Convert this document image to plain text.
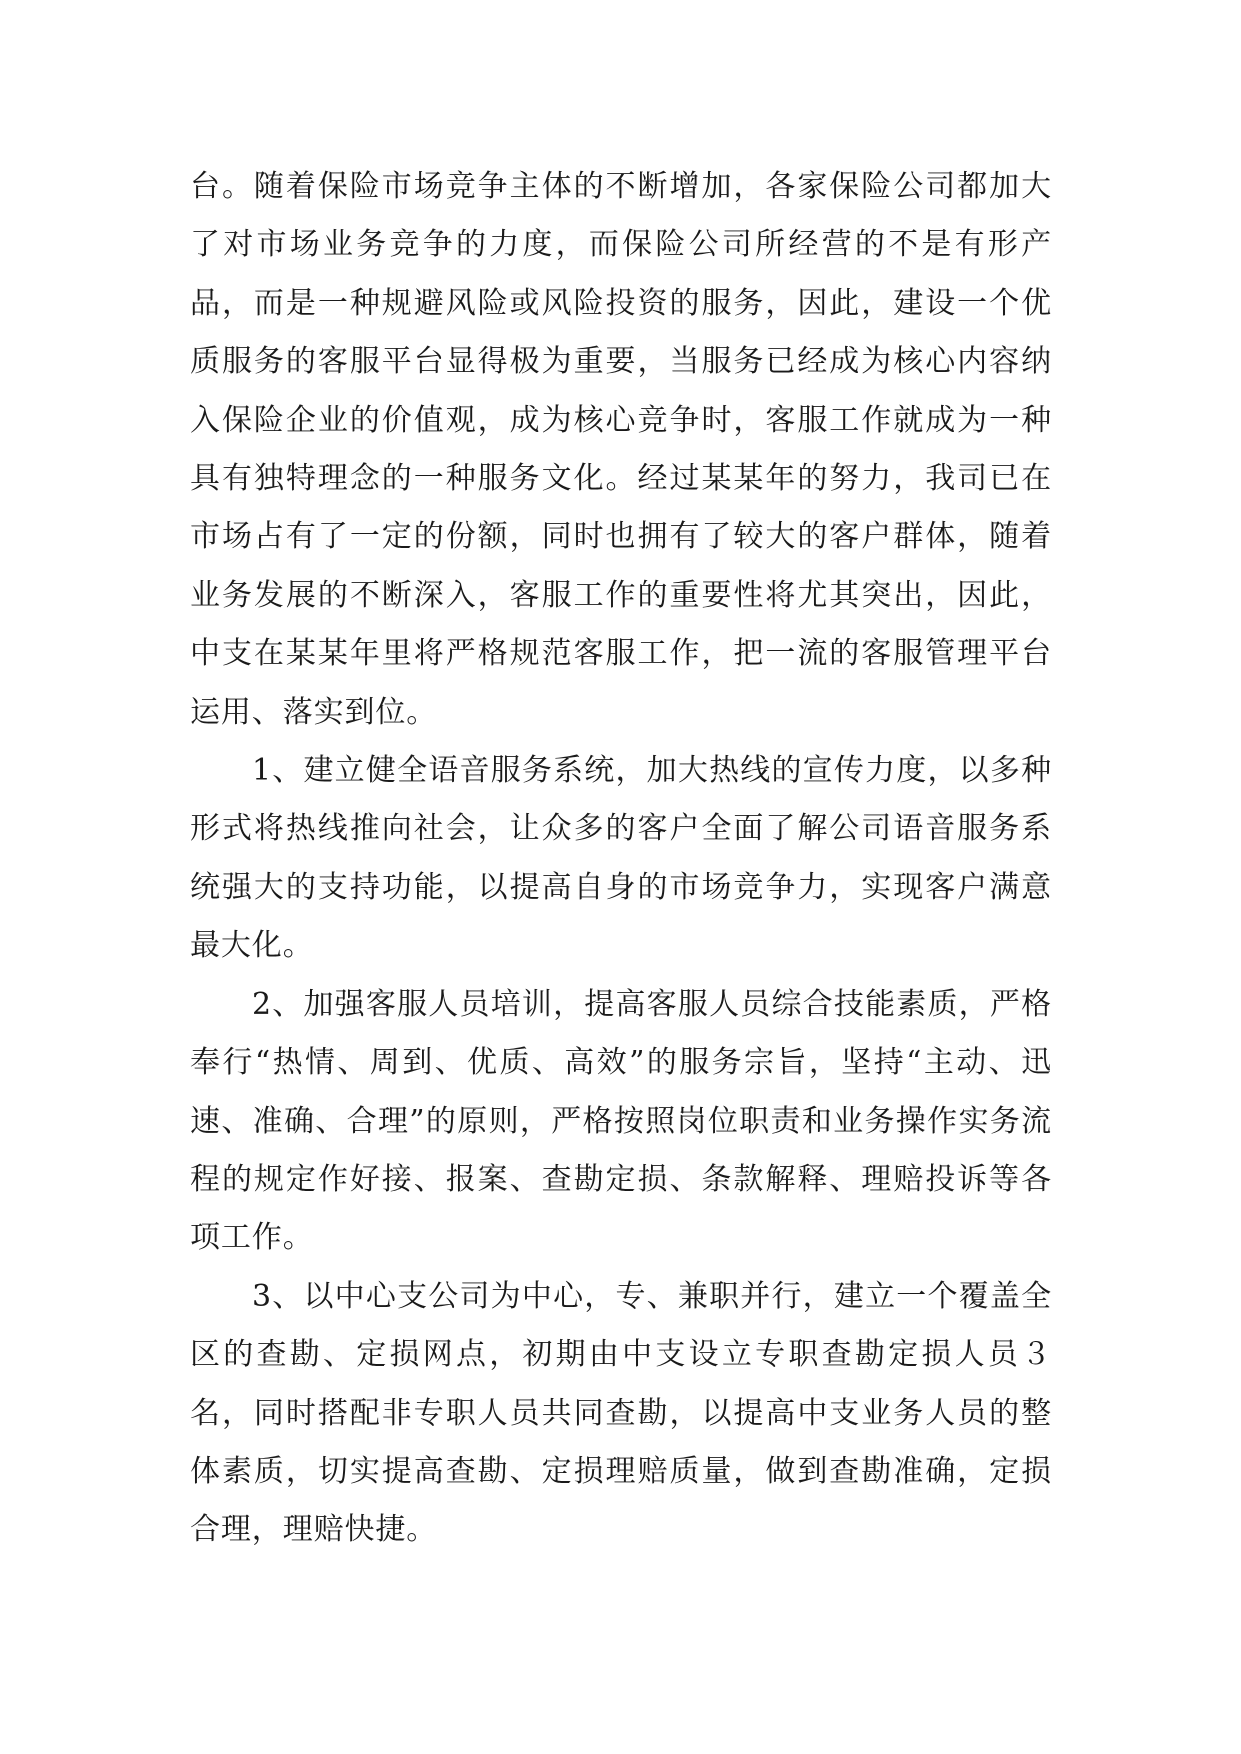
台。随着保险市场竞争主体的不断增加，各家保险公司都加大了对市场业务竞争的力度，而保险公司所经营的不是有形产品，而是一种规避风险或风险投资的服务，因此，建设一个优质服务的客服平台显得极为重要，当服务已经成为核心内容纳入保险企业的价值观，成为核心竞争时，客服工作就成为一种具有独特理念的一种服务文化。经过某某年的努力，我司已在市场占有了一定的份额，同时也拥有了较大的客户群体，随着业务发展的不断深入，客服工作的重要性将尤其突出，因此，中支在某某年里将严格规范客服工作，把一流的客服管理平台运用、落实到位。

1、建立健全语音服务系统，加大热线的宣传力度，以多种形式将热线推向社会，让众多的客户全面了解公司语音服务系统强大的支持功能，以提高自身的市场竞争力，实现客户满意最大化。

2、加强客服人员培训，提高客服人员综合技能素质，严格奉行“热情、周到、优质、高效”的服务宗旨，坚持“主动、迅速、准确、合理”的原则，严格按照岗位职责和业务操作实务流程的规定作好接、报案、查勘定损、条款解释、理赔投诉等各项工作。

3、以中心支公司为中心，专、兼职并行，建立一个覆盖全区的查勘、定损网点，初期由中支设立专职查勘定损人员３名，同时搭配非专职人员共同查勘，以提高中支业务人员的整体素质，切实提高查勘、定损理赔质量，做到查勘准确，定损合理，理赔快捷。
